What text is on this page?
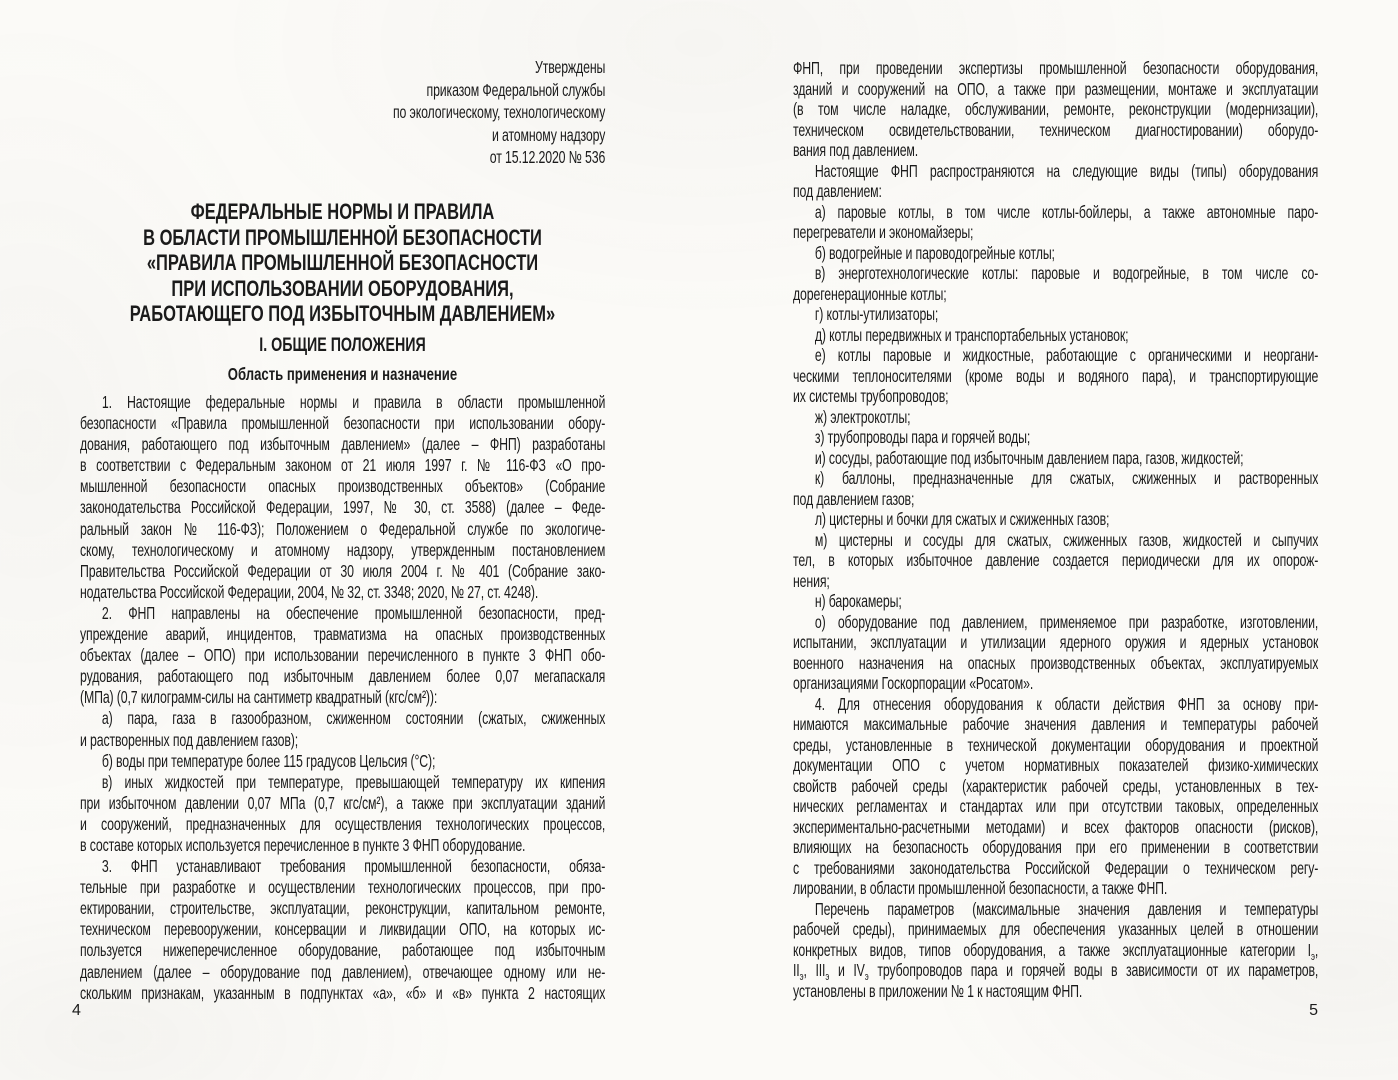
Утверждены
приказом Федеральной службы
по экологическому, технологическому
и атомному надзору
от 15.12.2020 № 536
ФЕДЕРАЛЬНЫЕ НОРМЫ И ПРАВИЛА
В ОБЛАСТИ ПРОМЫШЛЕННОЙ БЕЗОПАСНОСТИ
«ПРАВИЛА ПРОМЫШЛЕННОЙ БЕЗОПАСНОСТИ
ПРИ ИСПОЛЬЗОВАНИИ ОБОРУДОВАНИЯ,
РАБОТАЮЩЕГО ПОД ИЗБЫТОЧНЫМ ДАВЛЕНИЕМ»
I. ОБЩИЕ ПОЛОЖЕНИЯ
Область применения и назначение
1. Настоящие федеральные нормы и правила в области промышленной
безопасности «Правила промышленной безопасности при использовании обору-
дования, работающего под избыточным давлением» (далее – ФНП) разработаны
в соответствии с Федеральным законом от 21 июля 1997 г. № 116-ФЗ «О про-
мышленной безопасности опасных производственных объектов» (Собрание
законодательства Российской Федерации, 1997, № 30, ст. 3588) (далее – Феде-
ральный закон № 116-ФЗ); Положением о Федеральной службе по экологиче-
скому, технологическому и атомному надзору, утвержденным постановлением
Правительства Российской Федерации от 30 июля 2004 г. № 401 (Собрание зако-
нодательства Российской Федерации, 2004, № 32, ст. 3348; 2020, № 27, ст. 4248).
2. ФНП направлены на обеспечение промышленной безопасности, пред-
упреждение аварий, инцидентов, травматизма на опасных производственных
объектах (далее – ОПО) при использовании перечисленного в пункте 3 ФНП обо-
рудования, работающего под избыточным давлением более 0,07 мегапаскаля
(МПа) (0,7 килограмм-силы на сантиметр квадратный (кгс/см²)):
а) пара, газа в газообразном, сжиженном состоянии (сжатых, сжиженных
и растворенных под давлением газов);
б) воды при температуре более 115 градусов Цельсия (°С);
в) иных жидкостей при температуре, превышающей температуру их кипения
при избыточном давлении 0,07 МПа (0,7 кгс/см²), а также при эксплуатации зданий
и сооружений, предназначенных для осуществления технологических процессов,
в составе которых используется перечисленное в пункте 3 ФНП оборудование.
3. ФНП устанавливают требования промышленной безопасности, обяза-
тельные при разработке и осуществлении технологических процессов, при про-
ектировании, строительстве, эксплуатации, реконструкции, капитальном ремонте,
техническом перевооружении, консервации и ликвидации ОПО, на которых ис-
пользуется нижеперечисленное оборудование, работающее под избыточным
давлением (далее – оборудование под давлением), отвечающее одному или не-
скольким признакам, указанным в подпунктах «а», «б» и «в» пункта 2 настоящих
4
ФНП, при проведении экспертизы промышленной безопасности оборудования,
зданий и сооружений на ОПО, а также при размещении, монтаже и эксплуатации
(в том числе наладке, обслуживании, ремонте, реконструкции (модернизации),
техническом освидетельствовании, техническом диагностировании) оборудо-
вания под давлением.
Настоящие ФНП распространяются на следующие виды (типы) оборудования
под давлением:
а) паровые котлы, в том числе котлы-бойлеры, а также автономные паро-
перегреватели и экономайзеры;
б) водогрейные и пароводогрейные котлы;
в) энерготехнологические котлы: паровые и водогрейные, в том числе со-
дорегенерационные котлы;
г) котлы-утилизаторы;
д) котлы передвижных и транспортабельных установок;
е) котлы паровые и жидкостные, работающие с органическими и неоргани-
ческими теплоносителями (кроме воды и водяного пара), и транспортирующие
их системы трубопроводов;
ж) электрокотлы;
з) трубопроводы пара и горячей воды;
и) сосуды, работающие под избыточным давлением пара, газов, жидкостей;
к) баллоны, предназначенные для сжатых, сжиженных и растворенных
под давлением газов;
л) цистерны и бочки для сжатых и сжиженных газов;
м) цистерны и сосуды для сжатых, сжиженных газов, жидкостей и сыпучих
тел, в которых избыточное давление создается периодически для их опорож-
нения;
н) барокамеры;
о) оборудование под давлением, применяемое при разработке, изготовлении,
испытании, эксплуатации и утилизации ядерного оружия и ядерных установок
военного назначения на опасных производственных объектах, эксплуатируемых
организациями Госкорпорации «Росатом».
4. Для отнесения оборудования к области действия ФНП за основу при-
нимаются максимальные рабочие значения давления и температуры рабочей
среды, установленные в технической документации оборудования и проектной
документации ОПО с учетом нормативных показателей физико-химических
свойств рабочей среды (характеристик рабочей среды, установленных в тех-
нических регламентах и стандартах или при отсутствии таковых, определенных
экспериментально-расчетными методами) и всех факторов опасности (рисков),
влияющих на безопасность оборудования при его применении в соответствии
с требованиями законодательства Российской Федерации о техническом регу-
лировании, в области промышленной безопасности, а также ФНП.
Перечень параметров (максимальные значения давления и температуры
рабочей среды), принимаемых для обеспечения указанных целей в отношении
конкретных видов, типов оборудования, а также эксплуатационные категории $I_э$,
$II_э$, $III_э$ и $IV_э$ трубопроводов пара и горячей воды в зависимости от их параметров,
установлены в приложении № 1 к настоящим ФНП.
5
